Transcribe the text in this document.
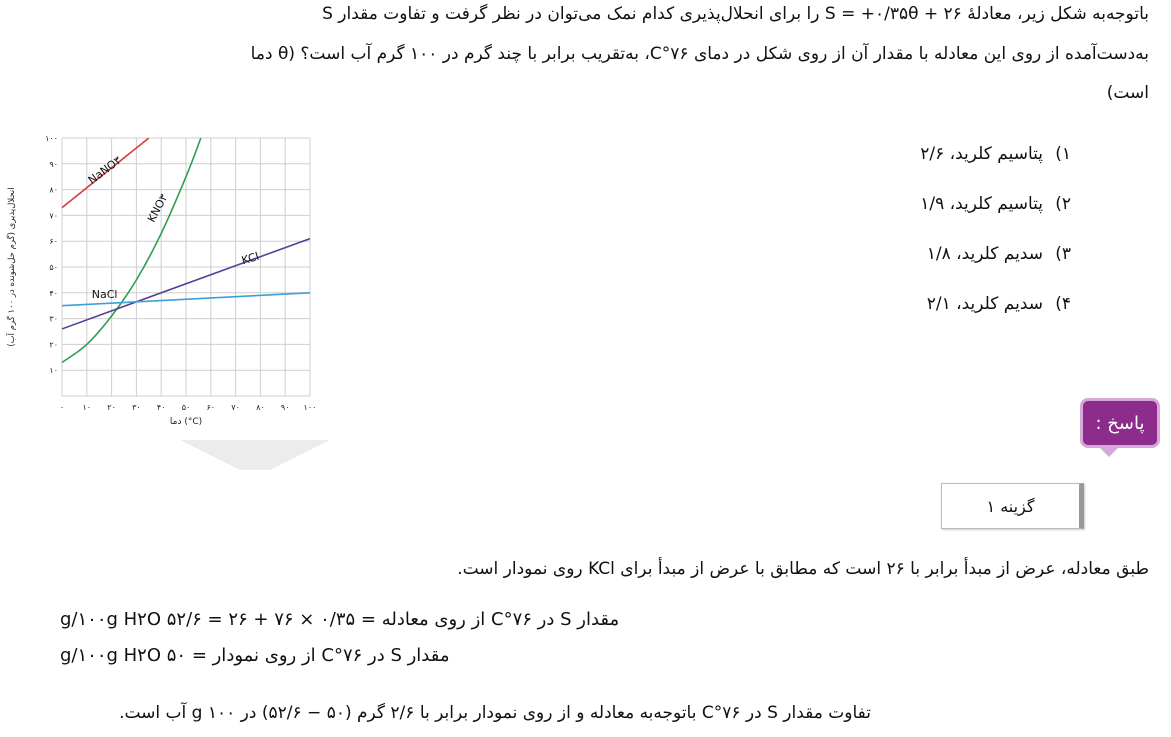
باتوجه‌به شکل زیر، معادلهٔ S = +۰/۳۵θ + ۲۶ را برای انحلال‌پذیری کدام نمک می‌توان در نظر گرفت و تفاوت مقدار S
به‌دست‌آمده از روی این معادله با مقدار آن از روی شکل در دمای ۷۶°C، به‌تقریب برابر با چند گرم در ۱۰۰ گرم آب است؟ (θ دما
است)
۱)پتاسیم کلرید، ۲/۶
۲)پتاسیم کلرید، ۱/۹
۳)سدیم کلرید، ۱/۸
۴)سدیم کلرید، ۲/۱
۰ ۱۰ ۲۰ ۳۰ ۴۰ ۵۰ ۶۰ ۷۰ ۸۰ ۹۰ ۱۰۰
۱۰
۲۰
۳۰
۴۰
۵۰
۶۰
۷۰
۸۰
۹۰
۱۰۰
دما (°C)
انحلال‌پذیری (گرم حل‌شونده در ۱۰۰ گرم آب)
NaNO۳
KNO۳
KCl
NaCl
پاسخ :
گزینه ۱
طبق معادله، عرض از مبدأ برابر با ۲۶ است که مطابق با عرض از مبدأ برای KCl روی نمودار است.
مقدار S در ۷۶°C از روی معادله = ۰/۳۵ × ۷۶ + ۲۶ = ۵۲/۶ g/۱۰۰g H۲O
مقدار S در ۷۶°C از روی نمودار = ۵۰ g/۱۰۰g H۲O
تفاوت مقدار S در ۷۶°C باتوجه‌به معادله و از روی نمودار برابر با ۲/۶ گرم (۵۰ − ۵۲/۶) در ۱۰۰ g آب است.
